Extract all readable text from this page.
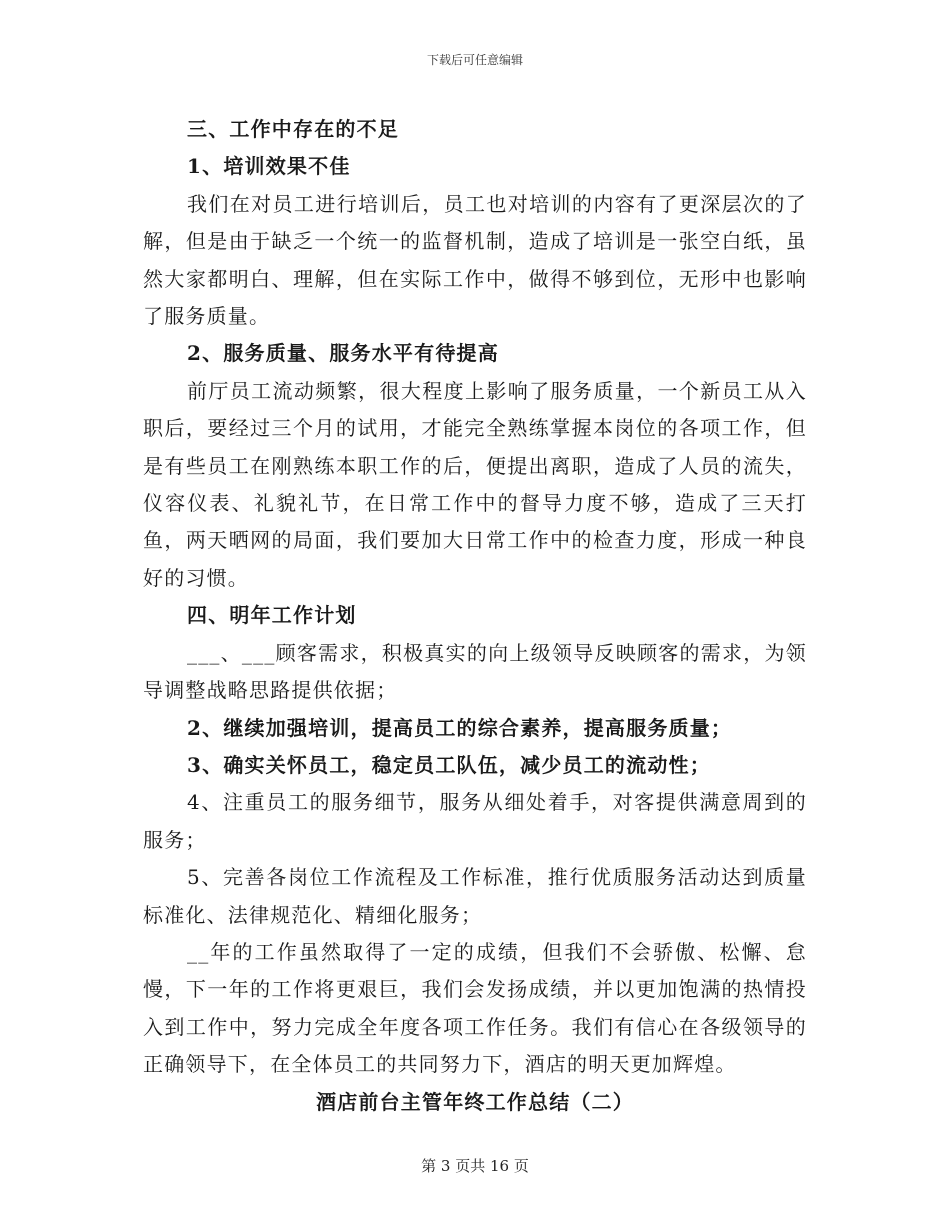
下载后可任意编辑

三、工作中存在的不足

1、培训效果不佳

我们在对员工进行培训后，员工也对培训的内容有了更深层次的了解，但是由于缺乏一个统一的监督机制，造成了培训是一张空白纸，虽然大家都明白、理解，但在实际工作中，做得不够到位，无形中也影响了服务质量。

2、服务质量、服务水平有待提高

前厅员工流动频繁，很大程度上影响了服务质量，一个新员工从入职后，要经过三个月的试用，才能完全熟练掌握本岗位的各项工作，但是有些员工在刚熟练本职工作的后，便提出离职，造成了人员的流失，仪容仪表、礼貌礼节，在日常工作中的督导力度不够，造成了三天打鱼，两天晒网的局面，我们要加大日常工作中的检查力度，形成一种良好的习惯。

四、明年工作计划

___、___顾客需求，积极真实的向上级领导反映顾客的需求，为领导调整战略思路提供依据；

2、继续加强培训，提高员工的综合素养，提高服务质量；

3、确实关怀员工，稳定员工队伍，减少员工的流动性；

4、注重员工的服务细节，服务从细处着手，对客提供满意周到的服务；

5、完善各岗位工作流程及工作标准，推行优质服务活动达到质量标准化、法律规范化、精细化服务；

__年的工作虽然取得了一定的成绩，但我们不会骄傲、松懈、怠慢，下一年的工作将更艰巨，我们会发扬成绩，并以更加饱满的热情投入到工作中，努力完成全年度各项工作任务。我们有信心在各级领导的正确领导下，在全体员工的共同努力下，酒店的明天更加辉煌。

酒店前台主管年终工作总结（二）

第 3 页共 16 页
